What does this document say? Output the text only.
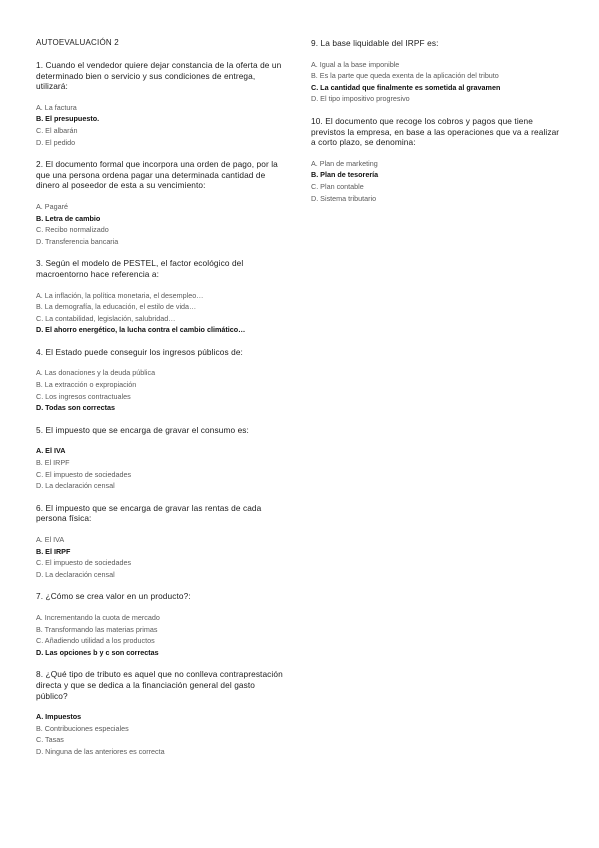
AUTOEVALUACIÓN 2
1. Cuando el vendedor quiere dejar constancia de la oferta de un determinado bien o servicio y sus condiciones de entrega, utilizará:
A. La factura
B. El presupuesto.
C. El albarán
D. El pedido
2. El documento formal que incorpora una orden de pago, por la que una persona ordena pagar una determinada cantidad de dinero al poseedor de esta a su vencimiento:
A. Pagaré
B. Letra de cambio
C. Recibo normalizado
D. Transferencia bancaria
3. Según el modelo de PESTEL, el factor ecológico del macroentorno hace referencia a:
A. La inflación, la política monetaria, el desempleo…
B. La demografía, la educación, el estilo de vida…
C. La contabilidad, legislación, salubridad…
D. El ahorro energético, la lucha contra el cambio climático…
4. El Estado puede conseguir los ingresos públicos de:
A. Las donaciones y la deuda pública
B. La extracción o expropiación
C. Los ingresos contractuales
D. Todas son correctas
5. El impuesto que se encarga de gravar el consumo es:
A. El IVA
B. El IRPF
C. El impuesto de sociedades
D. La declaración censal
6. El impuesto que se encarga de gravar las rentas de cada persona física:
A. El IVA
B. El IRPF
C. El impuesto de sociedades
D. La declaración censal
7. ¿Cómo se crea valor en un producto?:
A. Incrementando la cuota de mercado
B. Transformando las materias primas
C. Añadiendo utilidad a los productos
D. Las opciones b y c son correctas
8. ¿Qué tipo de tributo es aquel que no conlleva contraprestación directa y que se dedica a la financiación general del gasto público?
A. Impuestos
B. Contribuciones especiales
C. Tasas
D. Ninguna de las anteriores es correcta
9. La base liquidable del IRPF es:
A. Igual a la base imponible
B. Es la parte que queda exenta de la aplicación del tributo
C. La cantidad que finalmente es sometida al gravamen
D. El tipo impositivo progresivo
10. El documento que recoge los cobros y pagos que tiene previstos la empresa, en base a las operaciones que va a realizar a corto plazo, se denomina:
A. Plan de marketing
B. Plan de tesorería
C. Plan contable
D. Sistema tributario
